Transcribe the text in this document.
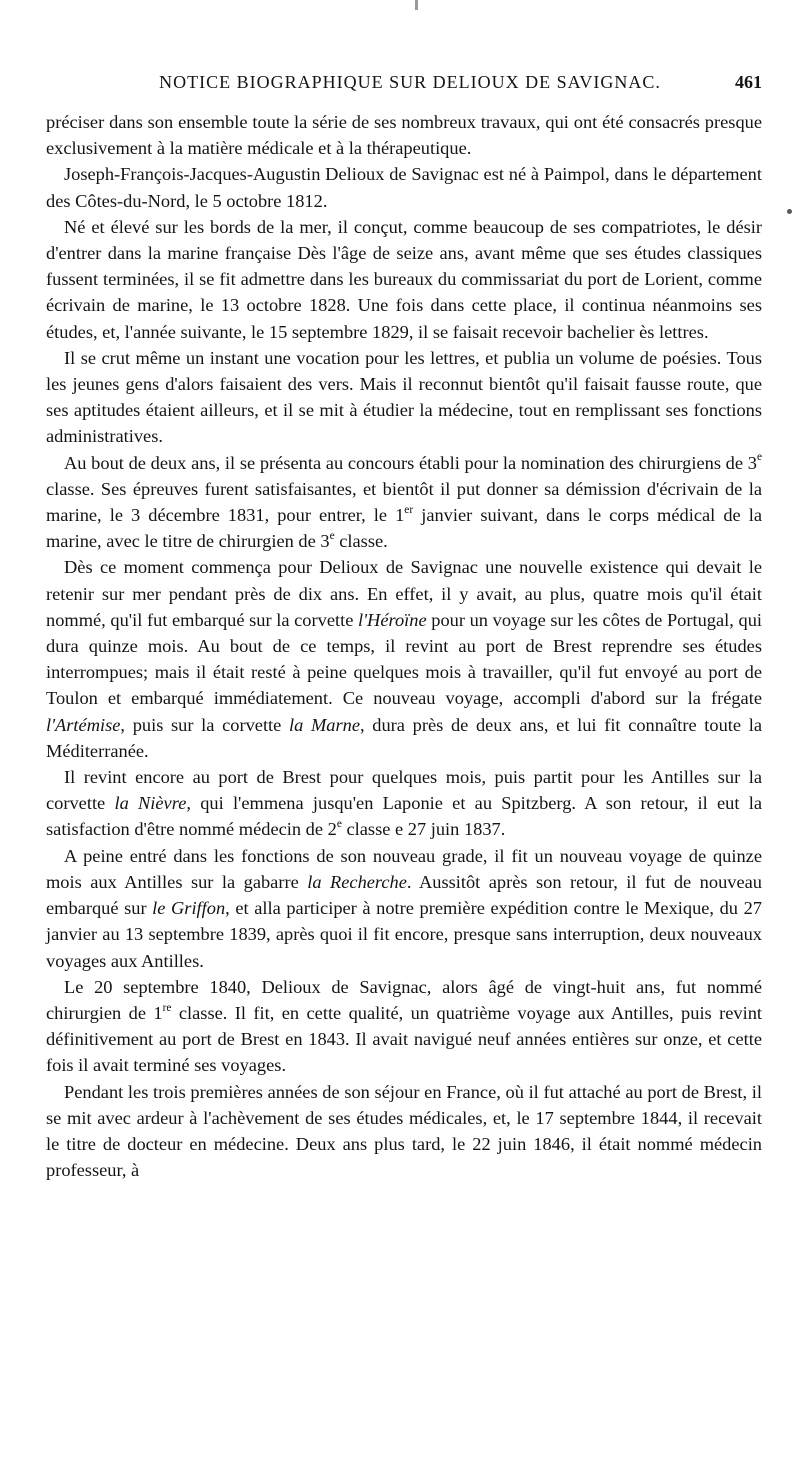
NOTICE BIOGRAPHIQUE SUR DELIOUX DE SAVIGNAC.	461

préciser dans son ensemble toute la série de ses nombreux travaux, qui ont été consacrés presque exclusivement à la matière médicale et à la thérapeutique.

Joseph-François-Jacques-Augustin Delioux de Savignac est né à Paimpol, dans le département des Côtes-du-Nord, le 5 octobre 1812.

Né et élevé sur les bords de la mer, il conçut, comme beaucoup de ses compatriotes, le désir d'entrer dans la marine française Dès l'âge de seize ans, avant même que ses études classiques fussent terminées, il se fit admettre dans les bureaux du commissariat du port de Lorient, comme écrivain de marine, le 13 octobre 1828. Une fois dans cette place, il continua néanmoins ses études, et, l'année suivante, le 15 septembre 1829, il se faisait recevoir bachelier ès lettres.

Il se crut même un instant une vocation pour les lettres, et publia un volume de poésies. Tous les jeunes gens d'alors faisaient des vers. Mais il reconnut bientôt qu'il faisait fausse route, que ses aptitudes étaient ailleurs, et il se mit à étudier la médecine, tout en remplissant ses fonctions administratives.

Au bout de deux ans, il se présenta au concours établi pour la nomination des chirurgiens de 3e classe. Ses épreuves furent satisfaisantes, et bientôt il put donner sa démission d'écrivain de la marine, le 3 décembre 1831, pour entrer, le 1er janvier suivant, dans le corps médical de la marine, avec le titre de chirurgien de 3e classe.

Dès ce moment commença pour Delioux de Savignac une nouvelle existence qui devait le retenir sur mer pendant près de dix ans. En effet, il y avait, au plus, quatre mois qu'il était nommé, qu'il fut embarqué sur la corvette l'Héroïne pour un voyage sur les côtes de Portugal, qui dura quinze mois. Au bout de ce temps, il revint au port de Brest reprendre ses études interrompues; mais il était resté à peine quelques mois à travailler, qu'il fut envoyé au port de Toulon et embarqué immédiatement. Ce nouveau voyage, accompli d'abord sur la frégate l'Artémise, puis sur la corvette la Marne, dura près de deux ans, et lui fit connaître toute la Méditerranée.

Il revint encore au port de Brest pour quelques mois, puis partit pour les Antilles sur la corvette la Nièvre, qui l'emmena jusqu'en Laponie et au Spitzberg. A son retour, il eut la satisfaction d'être nommé médecin de 2e classe e 27 juin 1837.

A peine entré dans les fonctions de son nouveau grade, il fit un nouveau voyage de quinze mois aux Antilles sur la gabarre la Recherche. Aussitôt après son retour, il fut de nouveau embarqué sur le Griffon, et alla participer à notre première expédition contre le Mexique, du 27 janvier au 13 septembre 1839, après quoi il fit encore, presque sans interruption, deux nouveaux voyages aux Antilles.

Le 20 septembre 1840, Delioux de Savignac, alors âgé de vingt-huit ans, fut nommé chirurgien de 1re classe. Il fit, en cette qualité, un quatrième voyage aux Antilles, puis revint définitivement au port de Brest en 1843. Il avait navigué neuf années entières sur onze, et cette fois il avait terminé ses voyages.

Pendant les trois premières années de son séjour en France, où il fut attaché au port de Brest, il se mit avec ardeur à l'achèvement de ses études médicales, et, le 17 septembre 1844, il recevait le titre de docteur en médecine. Deux ans plus tard, le 22 juin 1846, il était nommé médecin professeur, à
